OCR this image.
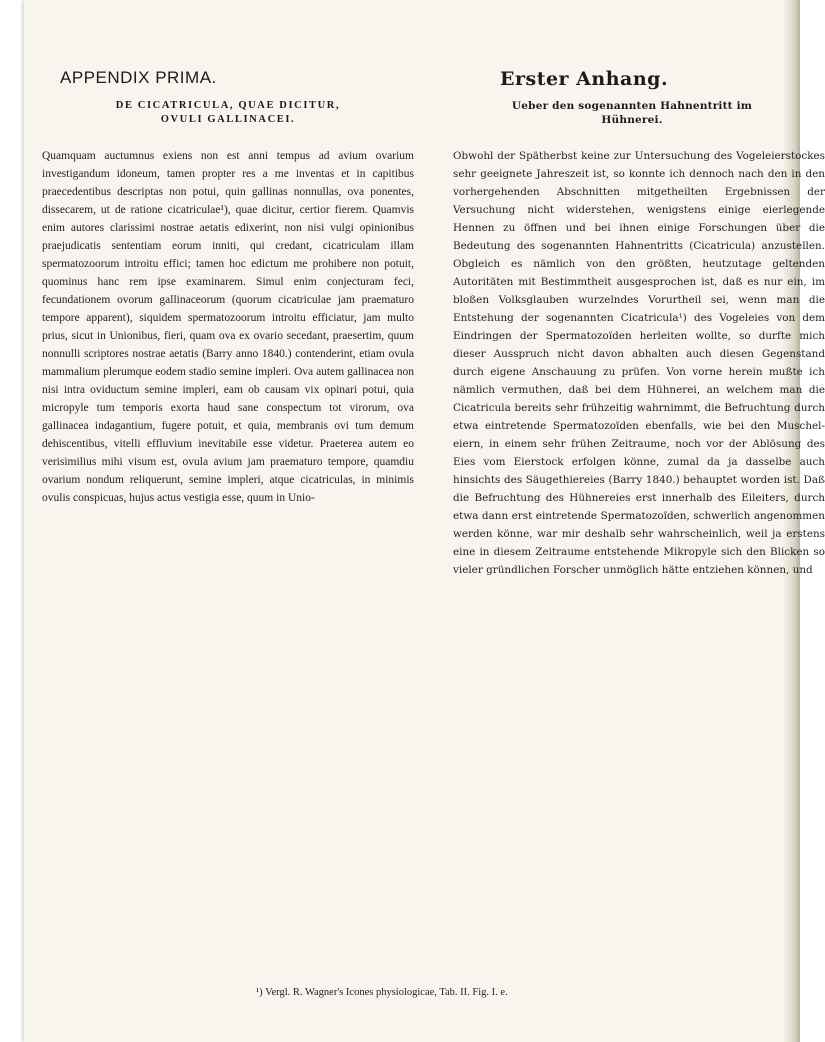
APPENDIX PRIMA.	Erster Anhang.
DE CICATRICULA, QUAE DICITUR,
OVULI GALLINACEI.
Ueber den sogenannten Hahnentritt im
Hühnerei.
Quamquam auctumnus exiens non est anni tempus ad avium ovarium investigandum idoneum, tamen propter res a me inventas et in capitibus praecedentibus descriptas non potui, quin gallinas nonnullas, ova ponentes, dissecarem, ut de ratione cicatriculae¹), quae dicitur, certior fierem. Quamvis enim autores clarissimi nostrae aetatis edixerint, non nisi vulgi opinionibus praejudicatis sententiam eorum inniti, qui credant, cicatriculam illam spermatozoorum introitu effici; tamen hoc edictum me prohibere non potuit, quominus hanc rem ipse examinarem. Simul enim conjecturam feci, fecundationem ovorum gallinaceorum (quorum cicatriculae jam praematuro tempore apparent), siquidem spermatozoorum introitu efficiatur, jam multo prius, sicut in Unionibus, fieri, quam ova ex ovario secedant, praesertim, quum nonnulli scriptores nostrae aetatis (Barry anno 1840.) contenderint, etiam ovula mammalium plerumque eodem stadio semine impleri. Ova autem gallinacea non nisi intra oviductum semine impleri, eam ob causam vix opinari potui, quia micropyle tum temporis exorta haud sane conspectum tot virorum, ova gallinacea indagantium, fugere potuit, et quia, membranis ovi tum demum dehiscentibus, vitelli effluvium inevitabile esse videtur. Praeterea autem eo verisimilius mihi visum est, ovula avium jam praematuro tempore, quamdiu ovarium nondum reliquerunt, semine impleri, atque cicatriculas, in minimis ovulis conspicuas, hujus actus vestigia esse, quum in Unio-
Obwohl der Spätherbst keine zur Untersuchung des Vogeleierstockes sehr geeignete Jahreszeit ist, so konnte ich dennoch nach den in den vorhergehenden Abschnitten mitgetheilten Ergebnissen der Versuchung nicht widerstehen, wenigstens einige eierlegende Hennen zu öffnen und bei ihnen einige Forschungen über die Bedeutung des sogenannten Hahnentritts (Cicatricula) anzustellen. Obgleich es nämlich von den größten, heutzutage geltenden Autoritäten mit Bestimmtheit ausgesprochen ist, daß es nur ein, im bloßen Volksglauben wurzelndes Vorurtheil sei, wenn man die Entstehung der sogenannten Cicatricula¹) des Vogeleies von dem Eindringen der Spermatozoïden herleiten wollte, so durfte mich dieser Ausspruch nicht davon abhalten auch diesen Gegenstand durch eigene Anschauung zu prüfen. Von vorne herein mußte ich nämlich vermuthen, daß bei dem Hühnerei, an welchem man die Cicatricula bereits sehr frühzeitig wahrnimmt, die Befruchtung durch etwa eintretende Spermatozoïden ebenfalls, wie bei den Muscheleiern, in einem sehr frühen Zeitraume, noch vor der Ablösung des Eies vom Eierstock erfolgen könne, zumal da ja dasselbe auch hinsichts des Säugethiereies (Barry 1840.) behauptet worden ist. Daß die Befruchtung des Hühnereies erst innerhalb des Eileiters, durch etwa dann erst eintretende Spermatozoïden, schwerlich angenommen werden könne, war mir deshalb sehr wahrscheinlich, weil ja erstens eine in diesem Zeitraume entstehende Mikropyle sich den Blicken so vieler gründlichen Forscher unmöglich hätte entziehen können, und
¹) Vergl. R. Wagner's Icones physiologicae, Tab. II. Fig. I. e.
